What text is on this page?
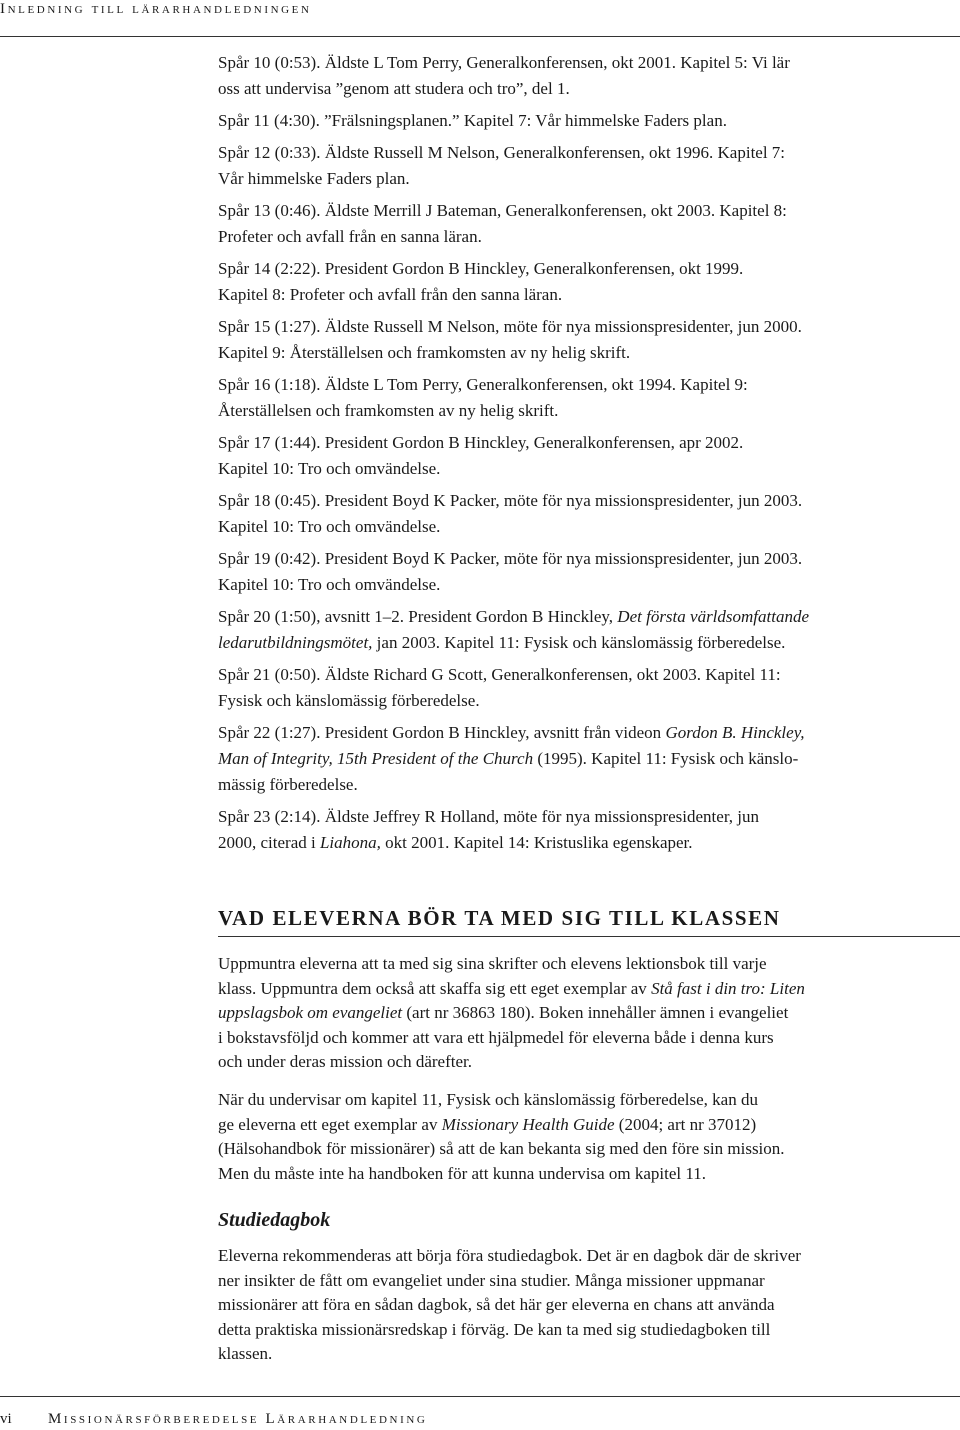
Inledning till lärarhandledningen
Spår 10 (0:53). Äldste L Tom Perry, Generalkonferensen, okt 2001. Kapitel 5: Vi lär
oss att undervisa ”genom att studera och tro”, del 1.
Spår 11 (4:30). ”Frälsningsplanen.” Kapitel 7: Vår himmelske Faders plan.
Spår 12 (0:33). Äldste Russell M Nelson, Generalkonferensen, okt 1996. Kapitel 7:
Vår himmelske Faders plan.
Spår 13 (0:46). Äldste Merrill J Bateman, Generalkonferensen, okt 2003. Kapitel 8:
Profeter och avfall från en sanna läran.
Spår 14 (2:22). President Gordon B Hinckley, Generalkonferensen, okt 1999.
Kapitel 8: Profeter och avfall från den sanna läran.
Spår 15 (1:27). Äldste Russell M Nelson, möte för nya missionspresidenter, jun 2000.
Kapitel 9: Återställelsen och framkomsten av ny helig skrift.
Spår 16 (1:18). Äldste L Tom Perry, Generalkonferensen, okt 1994. Kapitel 9:
Återställelsen och framkomsten av ny helig skrift.
Spår 17 (1:44). President Gordon B Hinckley, Generalkonferensen, apr 2002.
Kapitel 10: Tro och omvändelse.
Spår 18 (0:45). President Boyd K Packer, möte för nya missionspresidenter, jun 2003.
Kapitel 10: Tro och omvändelse.
Spår 19 (0:42). President Boyd K Packer, möte för nya missionspresidenter, jun 2003.
Kapitel 10: Tro och omvändelse.
Spår 20 (1:50), avsnitt 1–2. President Gordon B Hinckley, Det första världsomfattande
ledarutbildningsmötet, jan 2003. Kapitel 11: Fysisk och känslomässig förberedelse.
Spår 21 (0:50). Äldste Richard G Scott, Generalkonferensen, okt 2003. Kapitel 11:
Fysisk och känslomässig förberedelse.
Spår 22 (1:27). President Gordon B Hinckley, avsnitt från videon Gordon B. Hinckley,
Man of Integrity, 15th President of the Church (1995). Kapitel 11: Fysisk och känslo-
mässig förberedelse.
Spår 23 (2:14). Äldste Jeffrey R Holland, möte för nya missionspresidenter, jun
2000, citerad i Liahona, okt 2001. Kapitel 14: Kristuslika egenskaper.
VAD ELEVERNA BÖR TA MED SIG TILL KLASSEN

Uppmuntra eleverna att ta med sig sina skrifter och elevens lektionsbok till varje
klass. Uppmuntra dem också att skaffa sig ett eget exemplar av Stå fast i din tro: Liten
uppslagsbok om evangeliet (art nr 36863 180). Boken innehåller ämnen i evangeliet
i bokstavsföljd och kommer att vara ett hjälpmedel för eleverna både i denna kurs
och under deras mission och därefter.

När du undervisar om kapitel 11, Fysisk och känslomässig förberedelse, kan du
ge eleverna ett eget exemplar av Missionary Health Guide (2004; art nr 37012)
(Hälsohandbok för missionärer) så att de kan bekanta sig med den före sin mission.
Men du måste inte ha handboken för att kunna undervisa om kapitel 11.

Studiedagbok

Eleverna rekommenderas att börja föra studiedagbok. Det är en dagbok där de skriver
ner insikter de fått om evangeliet under sina studier. Många missioner uppmanar
missionärer att föra en sådan dagbok, så det här ger eleverna en chans att använda
detta praktiska missionärsredskap i förväg. De kan ta med sig studiedagboken till
klassen.

vi Missionärsförberedelse Lärarhandledning
